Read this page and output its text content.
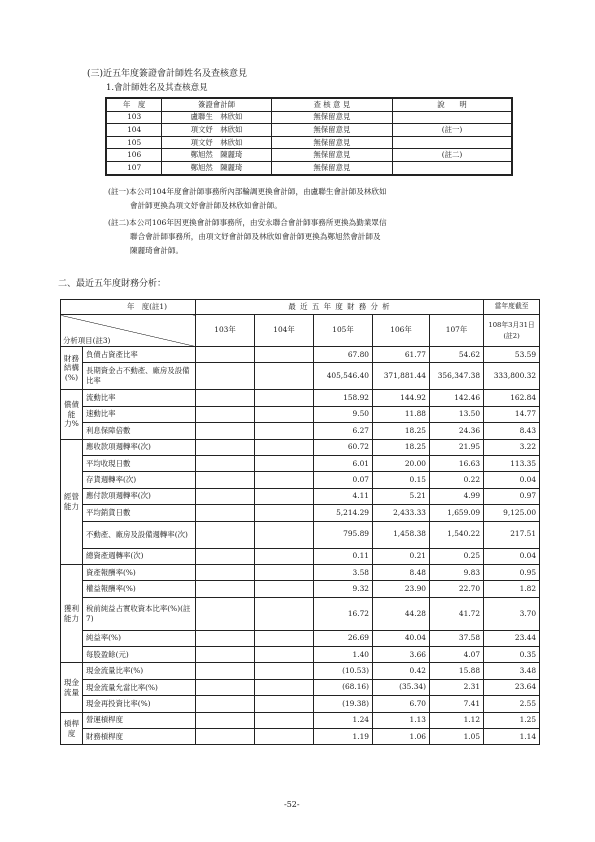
(三)近五年度簽證會計師姓名及查核意見
1.會計師姓名及其查核意見
年　度	簽證會計師	查 核 意 見	說　　明
103	盧聯生　林欣如	無保留意見	
104	項文妤　林欣如	無保留意見	(註一)
105	項文妤　林欣如	無保留意見	
106	鄭旭然　陳麗琦	無保留意見	(註二)
107	鄭旭然　陳麗琦	無保留意見	
(註一)本公司104年度會計師事務所內部輪調更換會計師，由盧聯生會計師及林欣如
會計師更換為項文妤會計師及林欣如會計師。
(註二)本公司106年因更換會計師事務所，由安永聯合會計師事務所更換為勤業眾信
聯合會計師事務所，由項文妤會計師及林欣如會計師更換為鄭旭然會計師及
陳麗琦會計師。
二、最近五年度財務分析：
年　度(註1)		最 近 五 年 度 財 務 分 析					當年度截至
分析項目(註3)		103年	104年	105年	106年	107年	108年3月31日
(註2)

財務結構(%)	負債占資產比率			67.80	61.77	54.62	53.59
	長期資金占不動產、廠房及設備比率			405,546.40	371,881.44	356,347.38	333,800.32
償債能力%	流動比率			158.92	144.92	142.46	162.84
	速動比率			9.50	11.88	13.50	14.77
	利息保障倍數			6.27	18.25	24.36	8.43
經營能力	應收款項週轉率(次)			60.72	18.25	21.95	3.22
	平均收現日數			6.01	20.00	16.63	113.35
	存貨週轉率(次)			0.07	0.15	0.22	0.04
	應付款項週轉率(次)			4.11	5.21	4.99	0.97
	平均銷貨日數			5,214.29	2,433.33	1,659.09	9,125.00
	不動產、廠房及設備週轉率(次)			795.89	1,458.38	1,540.22	217.51
	總資產週轉率(次)			0.11	0.21	0.25	0.04
獲利能力	資產報酬率(%)			3.58	8.48	9.83	0.95
	權益報酬率(%)			9.32	23.90	22.70	1.82
	稅前純益占實收資本比率(%)(註7)			16.72	44.28	41.72	3.70
	純益率(%)			26.69	40.04	37.58	23.44
	每股盈餘(元)			1.40	3.66	4.07	0.35
現金流量	現金流量比率(%)			(10.53)	0.42	15.88	3.48
	現金流量允當比率(%)			(68.16)	(35.34)	2.31	23.64
	現金再投資比率(%)			(19.38)	6.70	7.41	2.55
槓桿度	營運槓桿度			1.24	1.13	1.12	1.25
	財務槓桿度			1.19	1.06	1.05	1.14
-52-
